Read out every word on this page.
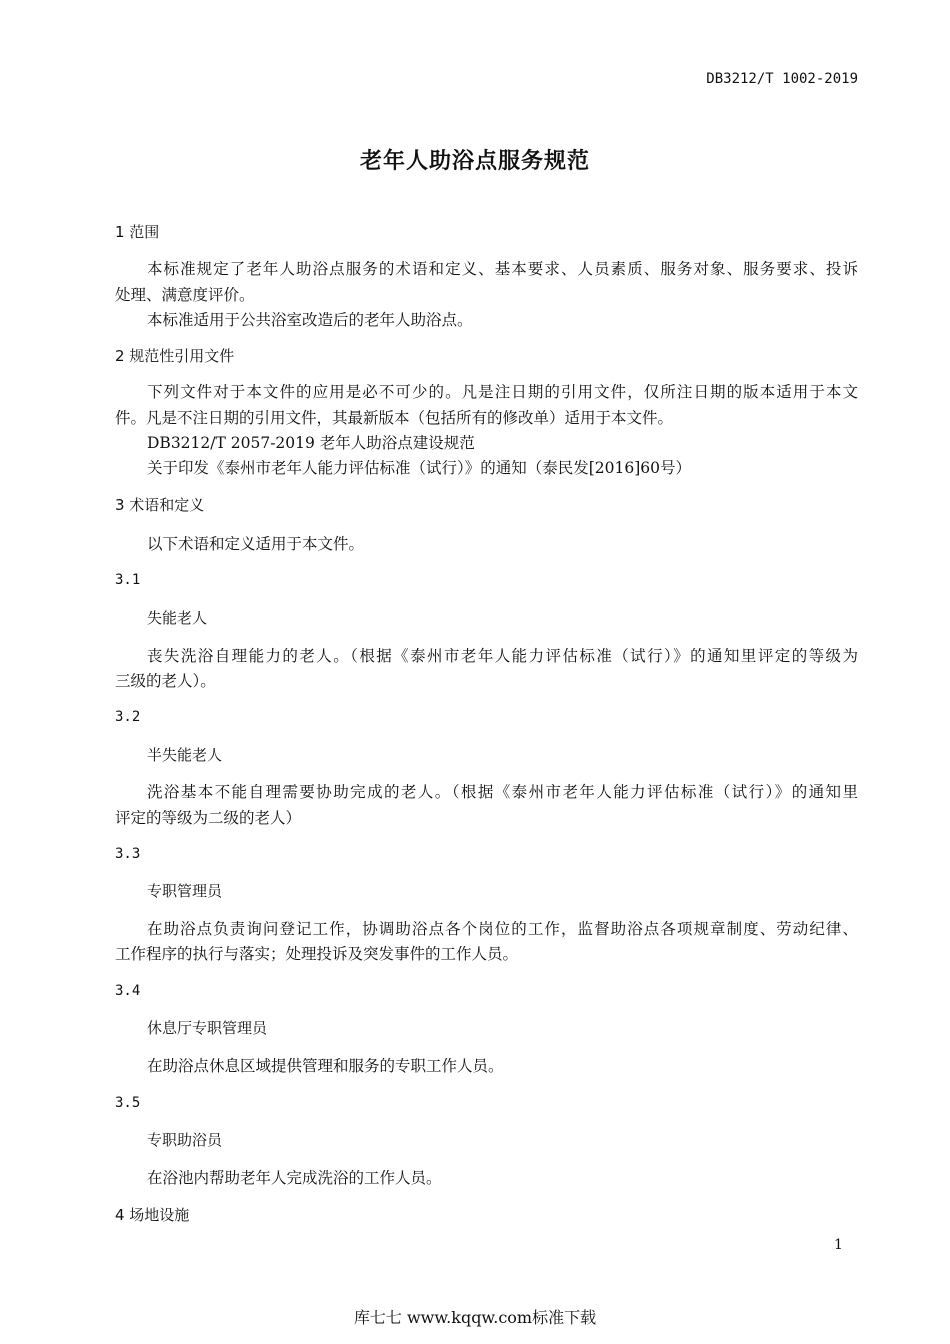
DB3212/T 1002-2019
老年人助浴点服务规范
1 范围
本标准规定了老年人助浴点服务的术语和定义、基本要求、人员素质、服务对象、服务要求、投诉
处理、满意度评价。
本标准适用于公共浴室改造后的老年人助浴点。
2 规范性引用文件
下列文件对于本文件的应用是必不可少的。凡是注日期的引用文件，仅所注日期的版本适用于本文
件。凡是不注日期的引用文件，其最新版本（包括所有的修改单）适用于本文件。
DB3212/T 2057-2019 老年人助浴点建设规范
关于印发《泰州市老年人能力评估标准（试行）》的通知（泰民发[2016]60号）
3 术语和定义
以下术语和定义适用于本文件。
3.1
失能老人
丧失洗浴自理能力的老人。（根据《泰州市老年人能力评估标准（试行）》的通知里评定的等级为
三级的老人）。
3.2
半失能老人
洗浴基本不能自理需要协助完成的老人。（根据《泰州市老年人能力评估标准（试行）》的通知里
评定的等级为二级的老人）
3.3
专职管理员
在助浴点负责询问登记工作，协调助浴点各个岗位的工作，监督助浴点各项规章制度、劳动纪律、
工作程序的执行与落实；处理投诉及突发事件的工作人员。
3.4
休息厅专职管理员
在助浴点休息区域提供管理和服务的专职工作人员。
3.5
专职助浴员
在浴池内帮助老年人完成洗浴的工作人员。
4 场地设施
1
库七七 www.kqqw.com标准下载
